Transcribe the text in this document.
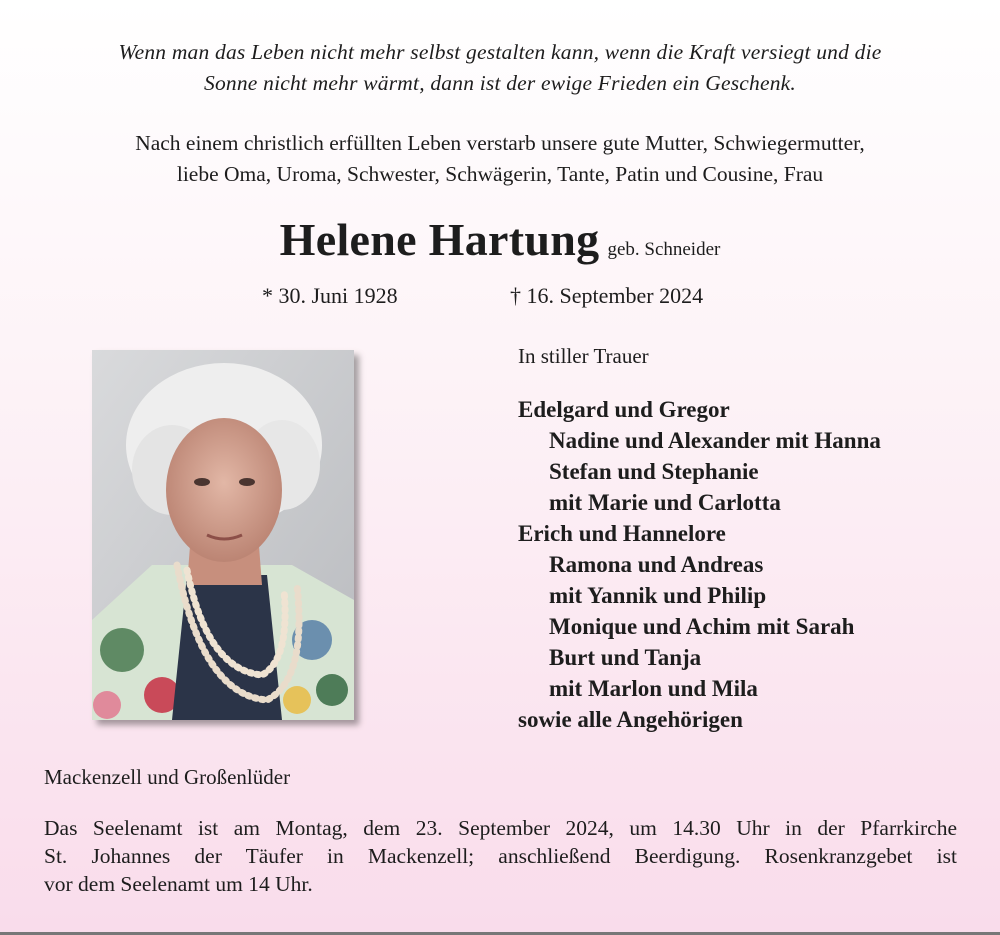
Wenn man das Leben nicht mehr selbst gestalten kann, wenn die Kraft versiegt und die
Sonne nicht mehr wärmt, dann ist der ewige Frieden ein Geschenk.
Nach einem christlich erfüllten Leben verstarb unsere gute Mutter, Schwiegermutter,
liebe Oma, Uroma, Schwester, Schwägerin, Tante, Patin und Cousine, Frau
Helene Hartung geb. Schneider
* 30. Juni 1928	† 16. September 2024
In stiller Trauer
Edelgard und Gregor
Nadine und Alexander mit Hanna
Stefan und Stephanie
mit Marie und Carlotta
Erich und Hannelore
Ramona und Andreas
mit Yannik und Philip
Monique und Achim mit Sarah
Burt und Tanja
mit Marlon und Mila
sowie alle Angehörigen
Mackenzell und Großenlüder
Das Seelenamt ist am Montag, dem 23. September 2024, um 14.30 Uhr in der Pfarrkirche
St. Johannes der Täufer in Mackenzell; anschließend Beerdigung. Rosenkranzgebet ist
vor dem Seelenamt um 14 Uhr.
